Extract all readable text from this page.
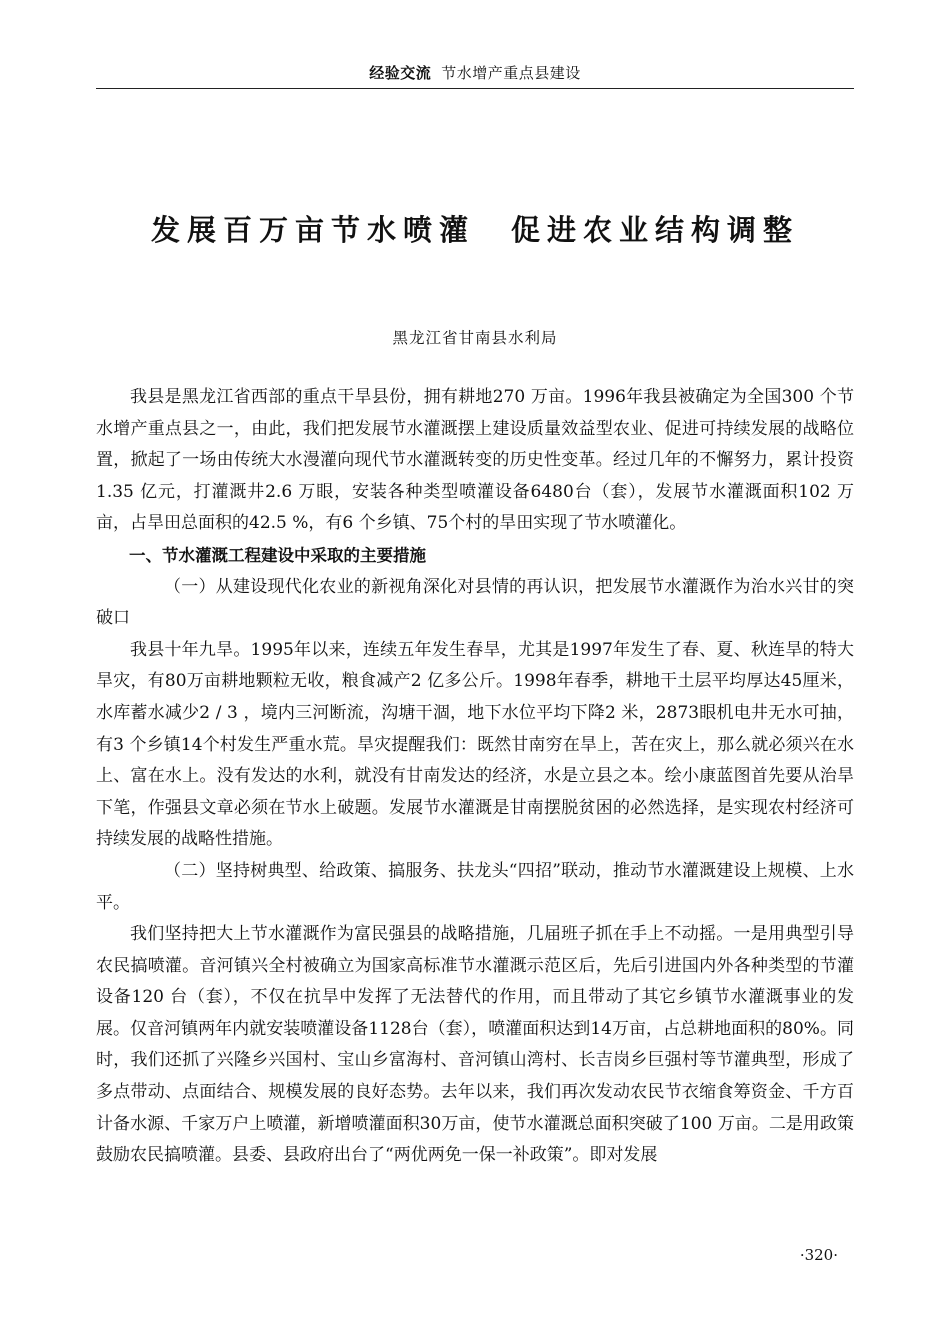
经验交流 节水增产重点县建设
发展百万亩节水喷灌 促进农业结构调整
黑龙江省甘南县水利局

我县是黑龙江省西部的重点干旱县份，拥有耕地270 万亩。1996年我县被确定为全国300 个节水增产重点县之一，由此，我们把发展节水灌溉摆上建设质量效益型农业、促进可持续发展的战略位置，掀起了一场由传统大水漫灌向现代节水灌溉转变的历史性变革。经过几年的不懈努力，累计投资1.35 亿元，打灌溉井2.6 万眼，安装各种类型喷灌设备6480台（套），发展节水灌溉面积102 万亩，占旱田总面积的42.5 %，有6 个乡镇、75个村的旱田实现了节水喷灌化。

一、节水灌溉工程建设中采取的主要措施

（一）从建设现代化农业的新视角深化对县情的再认识，把发展节水灌溉作为治水兴甘的突破口

我县十年九旱。1995年以来，连续五年发生春旱，尤其是1997年发生了春、夏、秋连旱的特大旱灾，有80万亩耕地颗粒无收，粮食减产2 亿多公斤。1998年春季，耕地干土层平均厚达45厘米，水库蓄水减少2 / 3 ，境内三河断流，沟塘干涸，地下水位平均下降2 米，2873眼机电井无水可抽，有3 个乡镇14个村发生严重水荒。旱灾提醒我们：既然甘南穷在旱上，苦在灾上，那么就必须兴在水上、富在水上。没有发达的水利，就没有甘南发达的经济，水是立县之本。绘小康蓝图首先要从治旱下笔，作强县文章必须在节水上破题。发展节水灌溉是甘南摆脱贫困的必然选择，是实现农村经济可持续发展的战略性措施。

（二）坚持树典型、给政策、搞服务、扶龙头“四招”联动，推动节水灌溉建设上规模、上水平。

我们坚持把大上节水灌溉作为富民强县的战略措施，几届班子抓在手上不动摇。一是用典型引导农民搞喷灌。音河镇兴全村被确立为国家高标准节水灌溉示范区后，先后引进国内外各种类型的节灌设备120 台（套），不仅在抗旱中发挥了无法替代的作用，而且带动了其它乡镇节水灌溉事业的发展。仅音河镇两年内就安装喷灌设备1128台（套），喷灌面积达到14万亩，占总耕地面积的80%。同时，我们还抓了兴隆乡兴国村、宝山乡富海村、音河镇山湾村、长吉岗乡巨强村等节灌典型，形成了多点带动、点面结合、规模发展的良好态势。去年以来，我们再次发动农民节衣缩食筹资金、千方百计备水源、千家万户上喷灌，新增喷灌面积30万亩，使节水灌溉总面积突破了100 万亩。二是用政策鼓励农民搞喷灌。县委、县政府出台了“两优两免一保一补政策”。即对发展

·320·
